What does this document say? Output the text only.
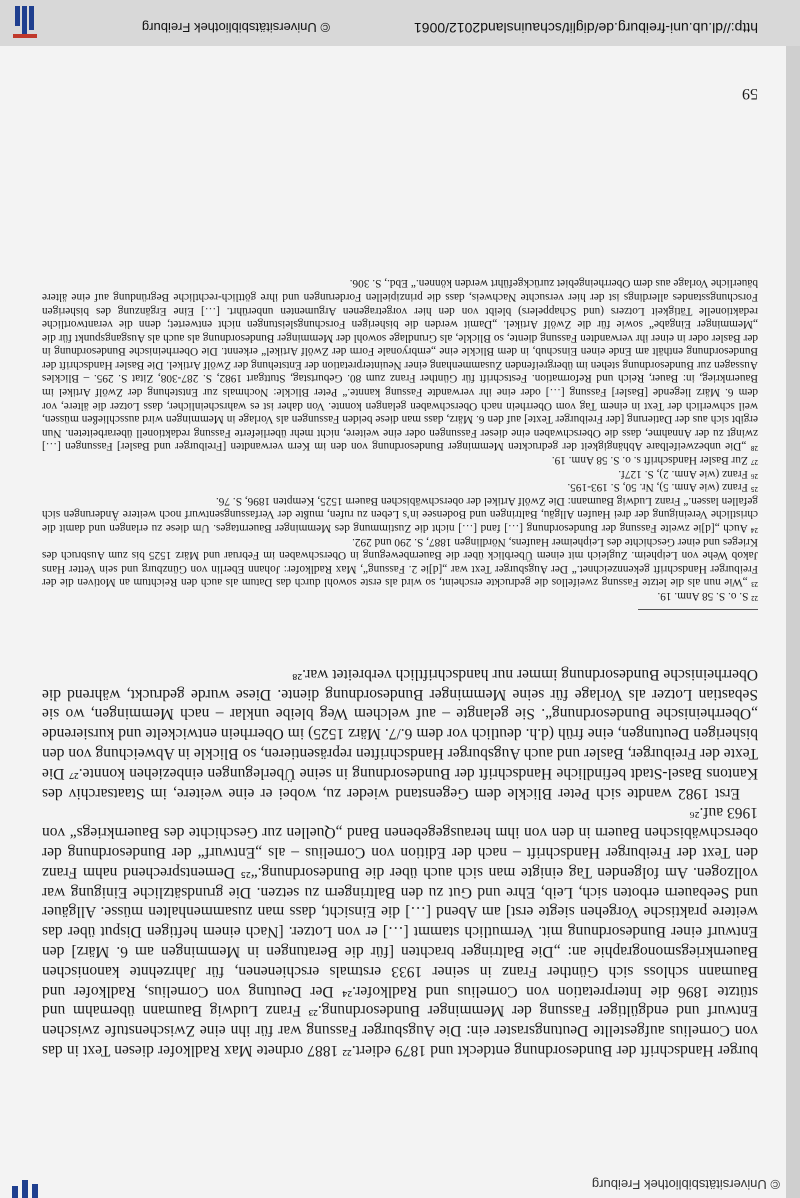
© Universitätsbibliothek Freiburg

burger Handschrift der Bundesordnung entdeckt und 1879 ediert.²² 1887 ordnete Max Radlkofer diesen Text in das von Cornelius aufgestellte Deutungsraster ein: Die Augsburger Fassung war für ihn eine Zwischenstufe zwischen Entwurf und endgültiger Fassung der Memminger Bundesordnung.²³ Franz Ludwig Baumann übernahm und stützte 1896 die Interpretation von Cornelius und Radlkofer.²⁴ Der Deutung von Cornelius, Radlkofer und Baumann schloss sich Günther Franz in seiner 1933 erstmals erschienenen, für Jahrzehnte kanonischen Bauernkriegsmonographie an: „Die Baltringer brachten [für die Beratungen in Memmingen am 6. März] den Entwurf einer Bundesordnung mit. Vermutlich stammt […] er von Lotzer. [Nach einem heftigen Disput über das weitere praktische Vorgehen siegte erst] am Abend […] die Einsicht, dass man zusammenhalten müsse. Allgäuer und Seebauern erboten sich, Leib, Ehre und Gut zu den Baltringern zu setzen. Die grundsätzliche Einigung war vollzogen. Am folgenden Tag einigte man sich auch über die Bundesordnung.“²⁵ Dementsprechend nahm Franz den Text der Freiburger Handschrift – nach der Edition von Cornelius – als „Entwurf“ der Bundesordnung der oberschwäbischen Bauern in den von ihm herausgegebenen Band „Quellen zur Geschichte des Bauernkriegs“ von 1963 auf.²⁶

Erst 1982 wandte sich Peter Blickle dem Gegenstand wieder zu, wobei er eine weitere, im Staatsarchiv des Kantons Basel-Stadt befindliche Handschrift der Bundesordnung in seine Überlegungen einbeziehen konnte.²⁷ Die Texte der Freiburger, Basler und auch Augsburger Handschriften repräsentieren, so Blickle in Abweichung von den bisherigen Deutungen, eine früh (d.h. deutlich vor dem 6./7. März 1525) im Oberrhein entwickelte und kursierende „Oberrheinische Bundesordnung“. Sie gelangte – auf welchem Weg bleibe unklar – nach Memmingen, wo sie Sebastian Lotzer als Vorlage für seine Memminger Bundesordnung diente. Diese wurde gedruckt, während die Oberrheinische Bundesordnung immer nur handschriftlich verbreitet war.²⁸

²² S. o. S. 58 Anm. 19.

²³ „Wie nun als die letzte Fassung zweifellos die gedruckte erscheint, so wird als erste sowohl durch das Datum als auch den Reichtum an Motiven die der Freiburger Handschrift gekennzeichnet.“ Der Augsburger Text war „[d]ie 2. Fassung“, Max Radlkofer: Johann Eberlin von Günzburg und sein Vetter Hans Jakob Wehe von Leipheim. Zugleich mit einem Überblick über die Bauernbewegung in Oberschwaben im Februar und März 1525 bis zum Ausbruch des Krieges und einer Geschichte des Leipheimer Haufens, Nördlingen 1887, S. 290 und 292.

²⁴ Auch „[d]ie zweite Fassung der Bundesordnung […] fand […] nicht die Zustimmung des Memminger Bauerntages. Um diese zu erlangen und damit die christliche Vereinigung der drei Haufen Allgäu, Baltringen und Bodensee in’s Leben zu rufen, mußte der Verfassungsentwurf noch weitere Änderungen sich gefallen lassen.“ Franz Ludwig Baumann: Die Zwölf Artikel der oberschwäbischen Bauern 1525, Kempten 1896, S. 76.

²⁵ Franz (wie Anm. 5), Nr. 50, S. 193-195.

²⁶ Franz (wie Anm. 2), S. 127f.

²⁷ Zur Basler Handschrift s. o. S. 58 Anm. 19.

²⁸ „Die unbezweifelbare Abhängigkeit der gedruckten Memminger Bundesordnung von den im Kern verwandten [Freiburger und Basler] Fassungen […] zwingt zu der Annahme, dass die Oberschwaben eine dieser Fassungen oder eine weitere, nicht mehr überlieferte Fassung redaktionell überarbeiteten. Nun ergibt sich aus der Datierung [der Freiburger Texte] auf den 6. März, dass man diese beiden Fassungen als Vorlage in Memmingen wird ausschließen müssen, weil schwerlich der Text in einem Tag vom Oberrhein nach Oberschwaben gelangen konnte. Von daher ist es wahrscheinlicher, dass Lotzer die ältere, vor dem 6. März liegende [Basler] Fassung […] oder eine ihr verwandte Fassung kannte.“ Peter Blickle: Nochmals zur Entstehung der Zwölf Artikel im Bauernkrieg, in: Bauer, Reich und Reformation. Festschrift für Günther Franz zum 80. Geburtstag, Stuttgart 1982, S. 287-308, Zitat S. 295. – Blickles Aussagen zur Bundesordnung stehen im übergreifenden Zusammenhang einer Neuinterpretation der Entstehung der Zwölf Artikel. Die Basler Handschrift der Bundesordnung enthält am Ende einen Einschub, in dem Blickle eine „embryonale Form der Zwölf Artikel“ erkennt. Die Oberrheinische Bundesordnung in der Basler oder in einer ihr verwandten Fassung diente, so Blickle, als Grundlage sowohl der Memminger Bundesordnung als auch als Ausgangspunkt für die „Memminger Eingabe“ sowie für die Zwölf Artikel. „Damit werden die bisherigen Forschungsleistungen nicht entwertet; denn die verantwortliche redaktionelle Tätigkeit Lotzers (und Schappelers) bleibt von den hier vorgetragenen Argumenten unberührt. […] Eine Ergänzung des bisherigen Forschungsstandes allerdings ist der hier versuchte Nachweis, dass die prinzipiellen Forderungen und ihre göttlich-rechtliche Begründung auf eine ältere bäuerliche Vorlage aus dem Oberrheingebiet zurückgeführt werden können.“ Ebd., S. 306.

59
http://dl.ub.uni-freiburg.de/diglit/schauinsland2012/0061
© Universitätsbibliothek Freiburg
